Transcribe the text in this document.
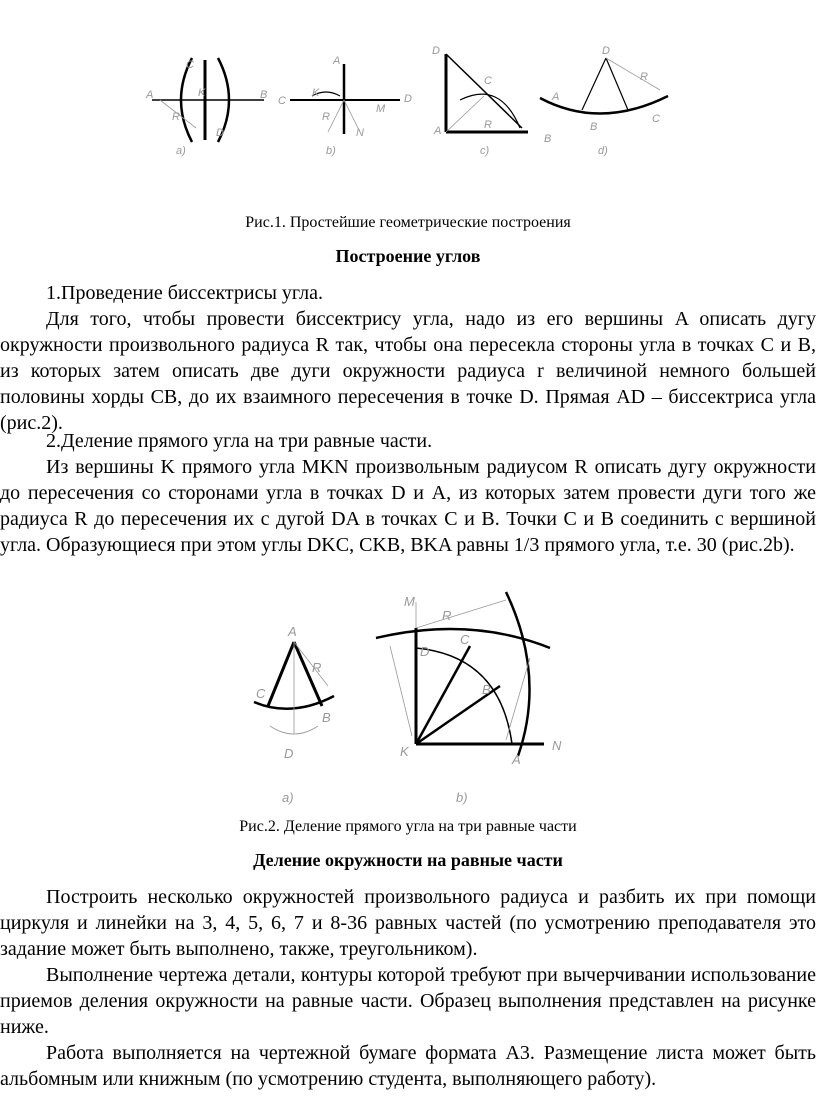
A	B
C
D
K
R
a)
A
C	D
K
M
N
R
b)
D
C
A
B
R
c)
D
A
B
C
R
d)
Рис.1. Простейшие геометрические построения
Построение углов

1.Проведение биссектрисы угла.

Для того, чтобы провести биссектрису угла, надо из его вершины A описать дугу окружности произвольного радиуса R так, чтобы она пересекла стороны угла в точках C и B, из которых затем описать две дуги окружности радиуса r величиной немного большей половины хорды CB, до их взаимного пересечения в точке D. Прямая AD – биссектриса угла (рис.2).

2.Деление прямого угла на три равные части.

Из вершины K прямого угла MKN произвольным радиусом R описать дугу окружности до пересечения со сторонами угла в точках D и A, из которых затем провести дуги того же радиуса R до пересечения их с дугой DA в точках C и B. Точки C и B соединить с вершиной угла. Образующиеся при этом углы DKC, CKB, BKA равны 1/3 прямого угла, т.е. 30 (рис.2b).

A
C
B
D
R
a)
M
N
K
A
B
C
D
R
b)
Рис.2. Деление прямого угла на три равные части
Деление окружности на равные части

Построить несколько окружностей произвольного радиуса и разбить их при помощи циркуля и линейки на 3, 4, 5, 6, 7 и 8-36 равных частей (по усмотрению преподавателя это задание может быть выполнено, также, треугольником).

Выполнение чертежа детали, контуры которой требуют при вычерчивании использование приемов деления окружности на равные части. Образец выполнения представлен на рисунке ниже.

Работа выполняется на чертежной бумаге формата A3. Размещение листа может быть альбомным или книжным (по усмотрению студента, выполняющего работу).
